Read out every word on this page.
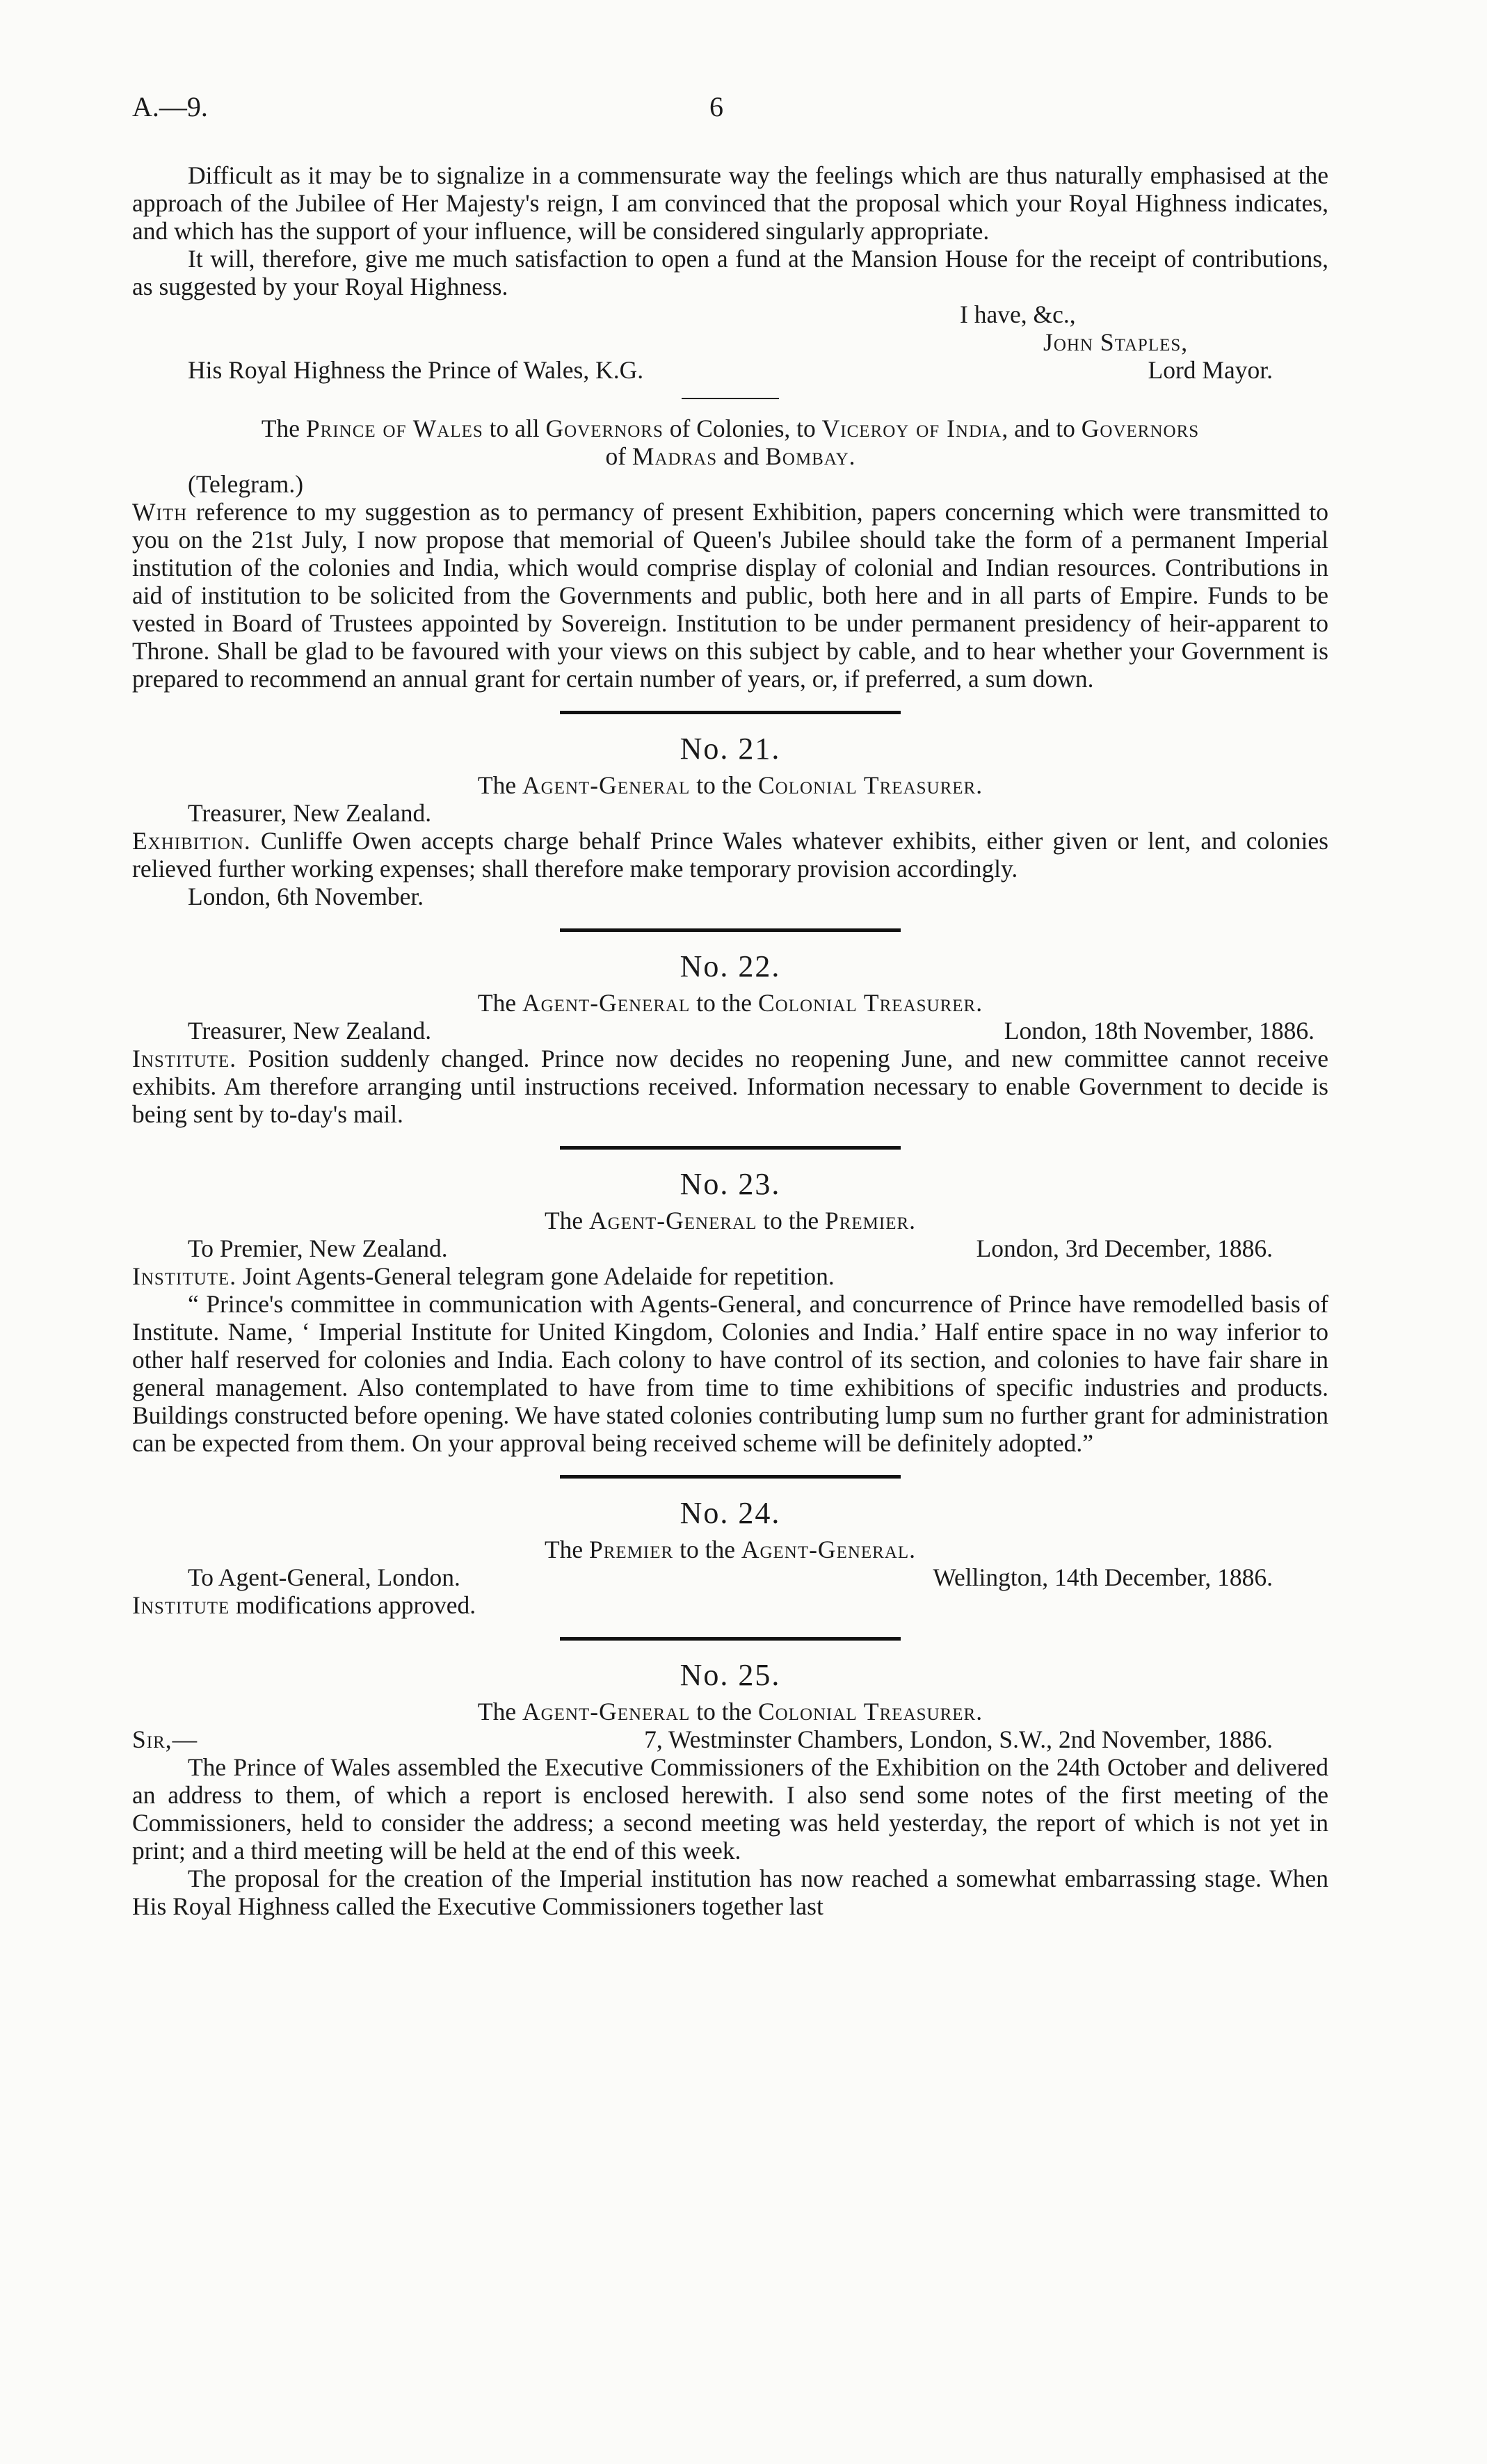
A.—9.	6

Difficult as it may be to signalize in a commensurate way the feelings which are thus naturally emphasised at the approach of the Jubilee of Her Majesty's reign, I am convinced that the proposal which your Royal Highness indicates, and which has the support of your influence, will be considered singularly appropriate.

It will, therefore, give me much satisfaction to open a fund at the Mansion House for the receipt of contributions, as suggested by your Royal Highness.

I have, &c.,

John Staples,

His Royal Highness the Prince of Wales, K.G.	Lord Mayor.

The Prince of Wales to all Governors of Colonies, to Viceroy of India, and to Governors

of Madras and Bombay.

(Telegram.)

With reference to my suggestion as to permancy of present Exhibition, papers concerning which were transmitted to you on the 21st July, I now propose that memorial of Queen's Jubilee should take the form of a permanent Imperial institution of the colonies and India, which would comprise display of colonial and Indian resources. Contributions in aid of institution to be solicited from the Governments and public, both here and in all parts of Empire. Funds to be vested in Board of Trustees appointed by Sovereign. Institution to be under permanent presidency of heir-apparent to Throne. Shall be glad to be favoured with your views on this subject by cable, and to hear whether your Government is prepared to recommend an annual grant for certain number of years, or, if preferred, a sum down.

No. 21.

The Agent-General to the Colonial Treasurer.

Treasurer, New Zealand.

Exhibition. Cunliffe Owen accepts charge behalf Prince Wales whatever exhibits, either given or lent, and colonies relieved further working expenses; shall therefore make temporary provision accordingly.

London, 6th November.

No. 22.

The Agent-General to the Colonial Treasurer.

Treasurer, New Zealand.	London, 18th November, 1886.

Institute. Position suddenly changed. Prince now decides no reopening June, and new committee cannot receive exhibits. Am therefore arranging until instructions received. Information necessary to enable Government to decide is being sent by to-day's mail.

No. 23.

The Agent-General to the Premier.

To Premier, New Zealand.	London, 3rd December, 1886.

Institute. Joint Agents-General telegram gone Adelaide for repetition.

“ Prince's committee in communication with Agents-General, and concurrence of Prince have remodelled basis of Institute. Name, ‘ Imperial Institute for United Kingdom, Colonies and India.’ Half entire space in no way inferior to other half reserved for colonies and India. Each colony to have control of its section, and colonies to have fair share in general management. Also contemplated to have from time to time exhibitions of specific industries and products. Buildings constructed before opening. We have stated colonies contributing lump sum no further grant for administration can be expected from them. On your approval being received scheme will be definitely adopted.”

No. 24.

The Premier to the Agent-General.

To Agent-General, London.	Wellington, 14th December, 1886.

Institute modifications approved.

No. 25.

The Agent-General to the Colonial Treasurer.

Sir,—	7, Westminster Chambers, London, S.W., 2nd November, 1886.

The Prince of Wales assembled the Executive Commissioners of the Exhibition on the 24th October and delivered an address to them, of which a report is enclosed herewith. I also send some notes of the first meeting of the Commissioners, held to consider the address; a second meeting was held yesterday, the report of which is not yet in print; and a third meeting will be held at the end of this week.

The proposal for the creation of the Imperial institution has now reached a somewhat embarrassing stage. When His Royal Highness called the Executive Commissioners together last
